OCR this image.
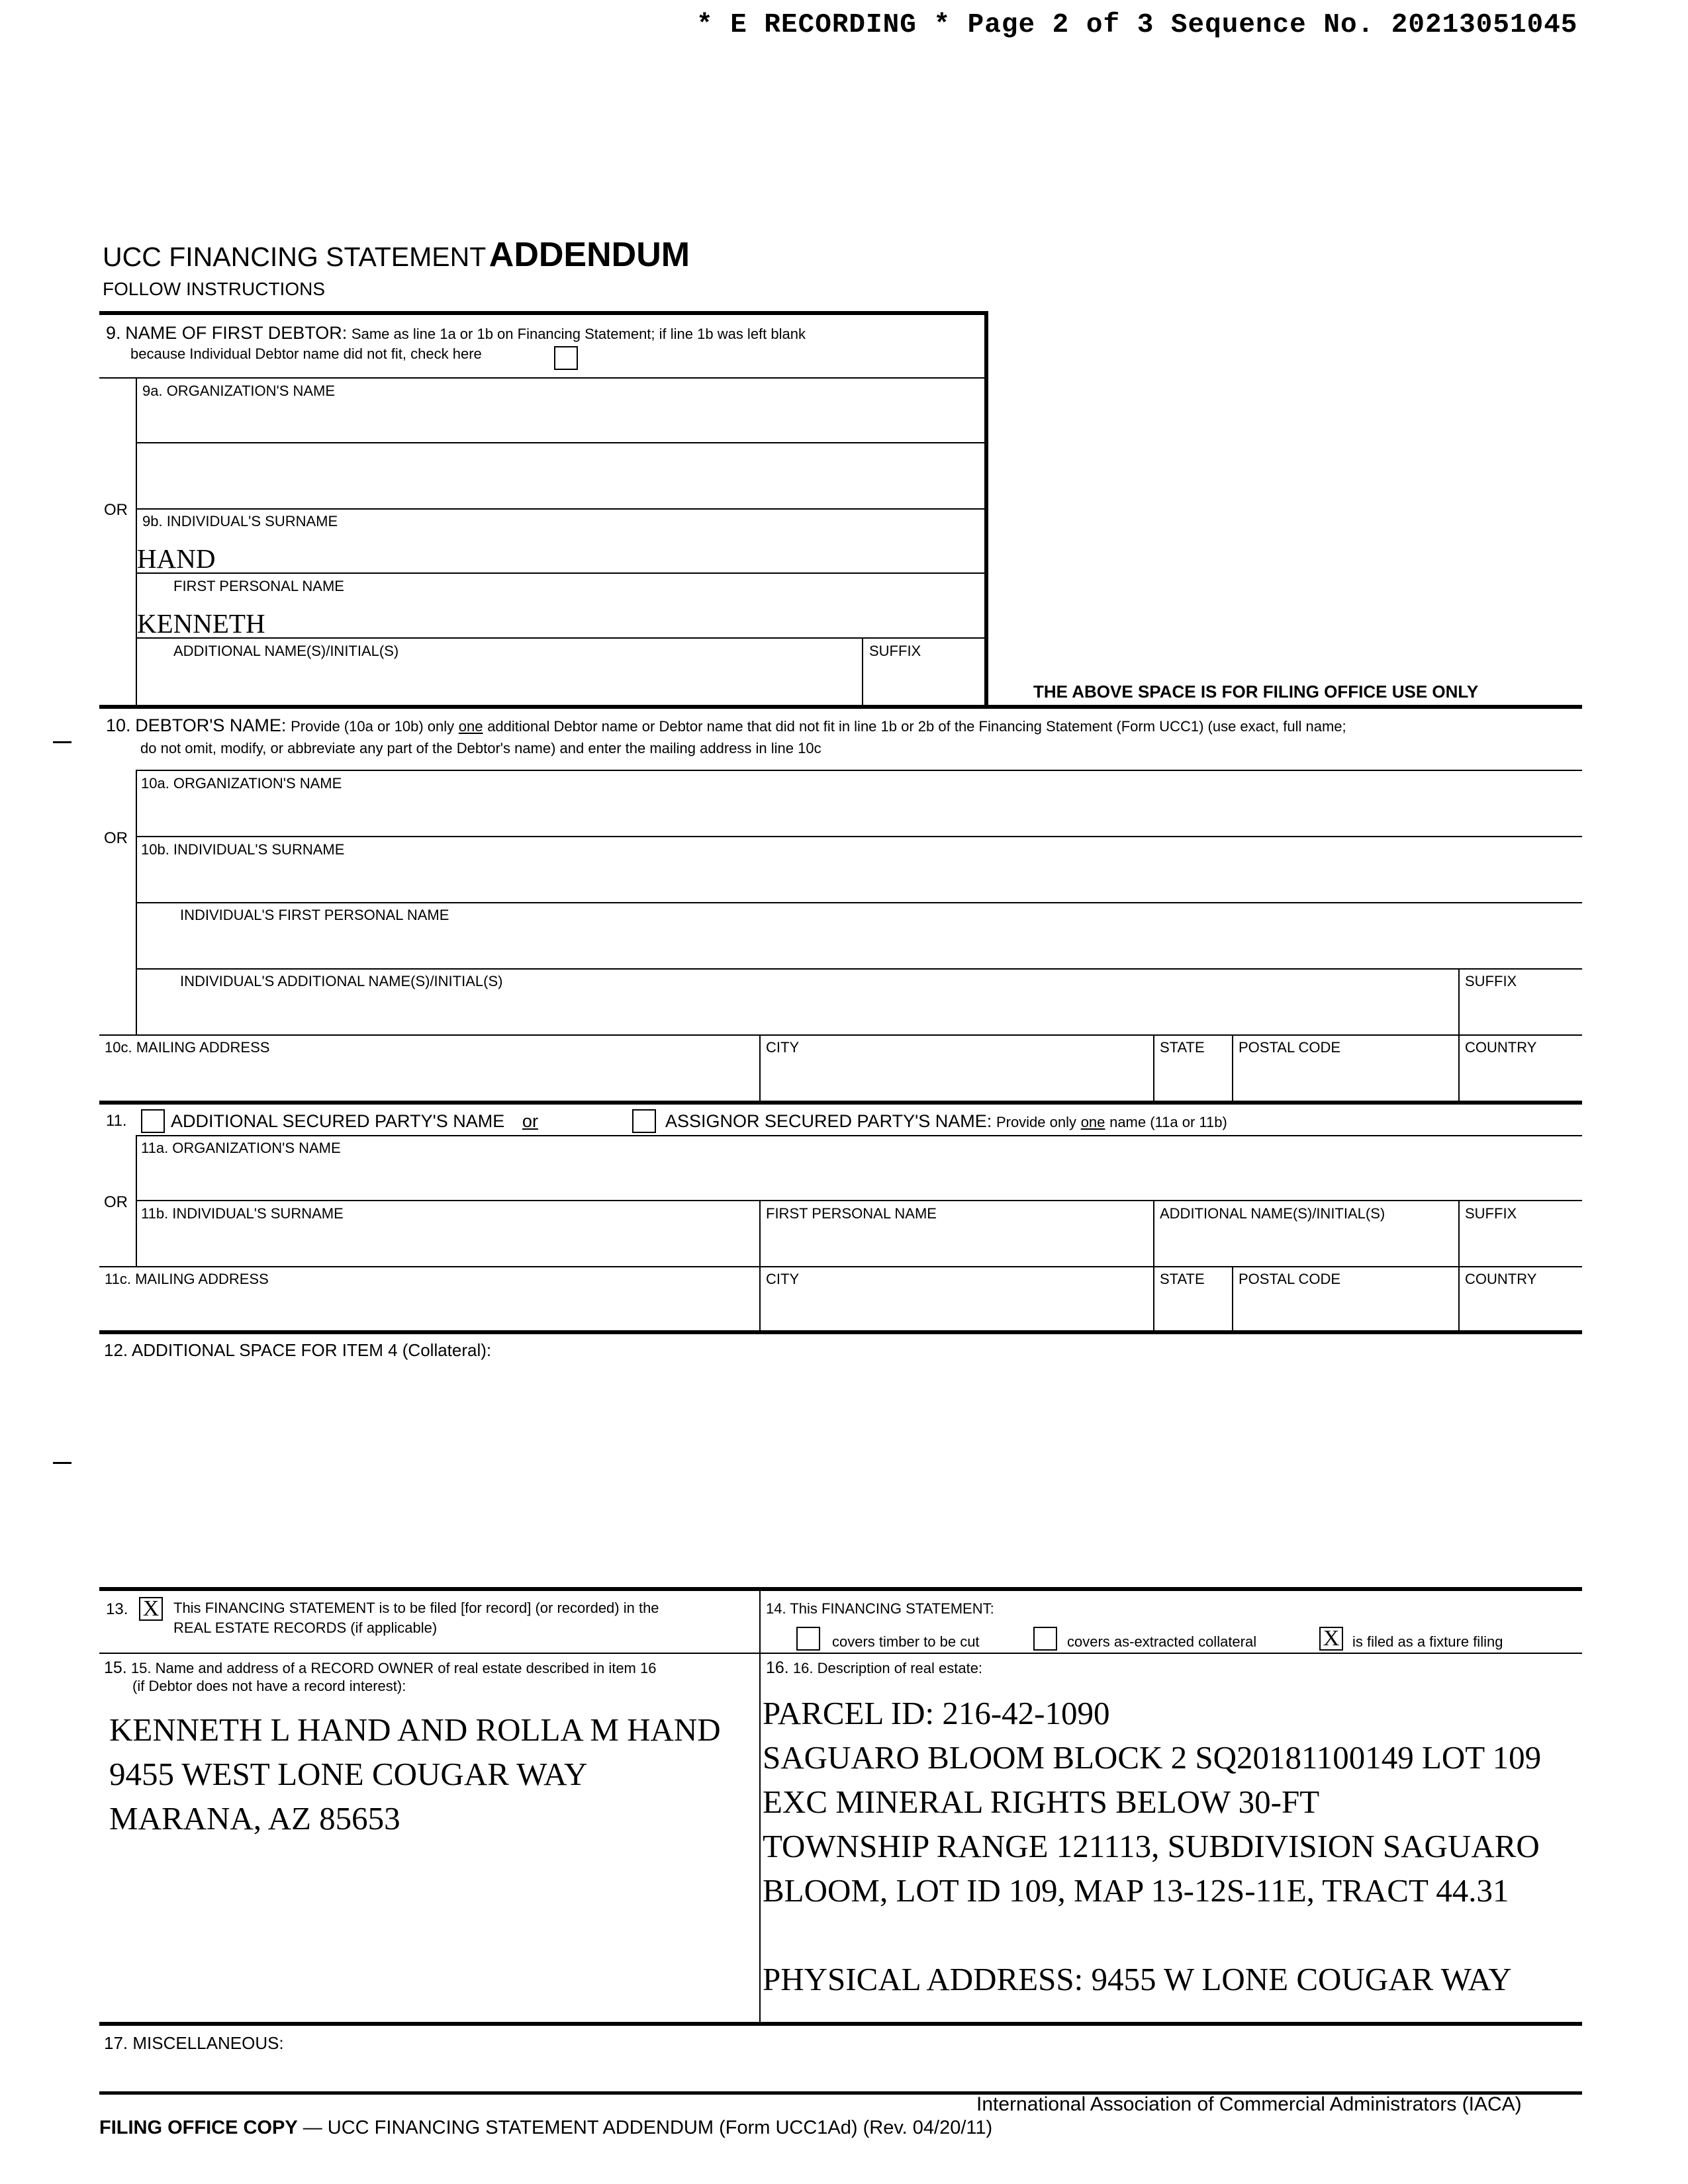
* E RECORDING * Page 2 of 3 Sequence No. 20213051045
UCC FINANCING STATEMENT ADDENDUM
FOLLOW INSTRUCTIONS
9. NAME OF FIRST DEBTOR: Same as line 1a or 1b on Financing Statement; if line 1b was left blank
because Individual Debtor name did not fit, check here
9a. ORGANIZATION'S NAME
OR
9b. INDIVIDUAL'S SURNAME
HAND
FIRST PERSONAL NAME
KENNETH
ADDITIONAL NAME(S)/INITIAL(S)	SUFFIX
THE ABOVE SPACE IS FOR FILING OFFICE USE ONLY
10. DEBTOR'S NAME: Provide (10a or 10b) only one additional Debtor name or Debtor name that did not fit in line 1b or 2b of the Financing Statement (Form UCC1) (use exact, full name;
do not omit, modify, or abbreviate any part of the Debtor's name) and enter the mailing address in line 10c
10a. ORGANIZATION'S NAME
OR
10b. INDIVIDUAL'S SURNAME
INDIVIDUAL'S FIRST PERSONAL NAME
INDIVIDUAL'S ADDITIONAL NAME(S)/INITIAL(S)	SUFFIX
10c. MAILING ADDRESS	CITY	STATE POSTAL CODE	COUNTRY
11. ADDITIONAL SECURED PARTY'S NAME or	ASSIGNOR SECURED PARTY'S NAME: Provide only one name (11a or 11b)
11a. ORGANIZATION'S NAME
OR
11b. INDIVIDUAL'S SURNAME	FIRST PERSONAL NAME	ADDITIONAL NAME(S)/INITIAL(S)	SUFFIX
11c. MAILING ADDRESS	CITY	STATE POSTAL CODE	COUNTRY
12. ADDITIONAL SPACE FOR ITEM 4 (Collateral):
13. X This FINANCING STATEMENT is to be filed [for record] (or recorded) in the
REAL ESTATE RECORDS (if applicable)
14. This FINANCING STATEMENT:
covers timber to be cut	covers as-extracted collateral	X is filed as a fixture filing
15. 15. Name and address of a RECORD OWNER of real estate described in item 16
(if Debtor does not have a record interest):
KENNETH L HAND AND ROLLA M HAND
9455 WEST LONE COUGAR WAY
MARANA, AZ 85653
16. 16. Description of real estate:
PARCEL ID: 216-42-1090
SAGUARO BLOOM BLOCK 2 SQ20181100149 LOT 109
EXC MINERAL RIGHTS BELOW 30-FT
TOWNSHIP RANGE 121113, SUBDIVISION SAGUARO
BLOOM, LOT ID 109, MAP 13-12S-11E, TRACT 44.31
PHYSICAL ADDRESS: 9455 W LONE COUGAR WAY
17. MISCELLANEOUS:
International Association of Commercial Administrators (IACA)
FILING OFFICE COPY — UCC FINANCING STATEMENT ADDENDUM (Form UCC1Ad) (Rev. 04/20/11)
